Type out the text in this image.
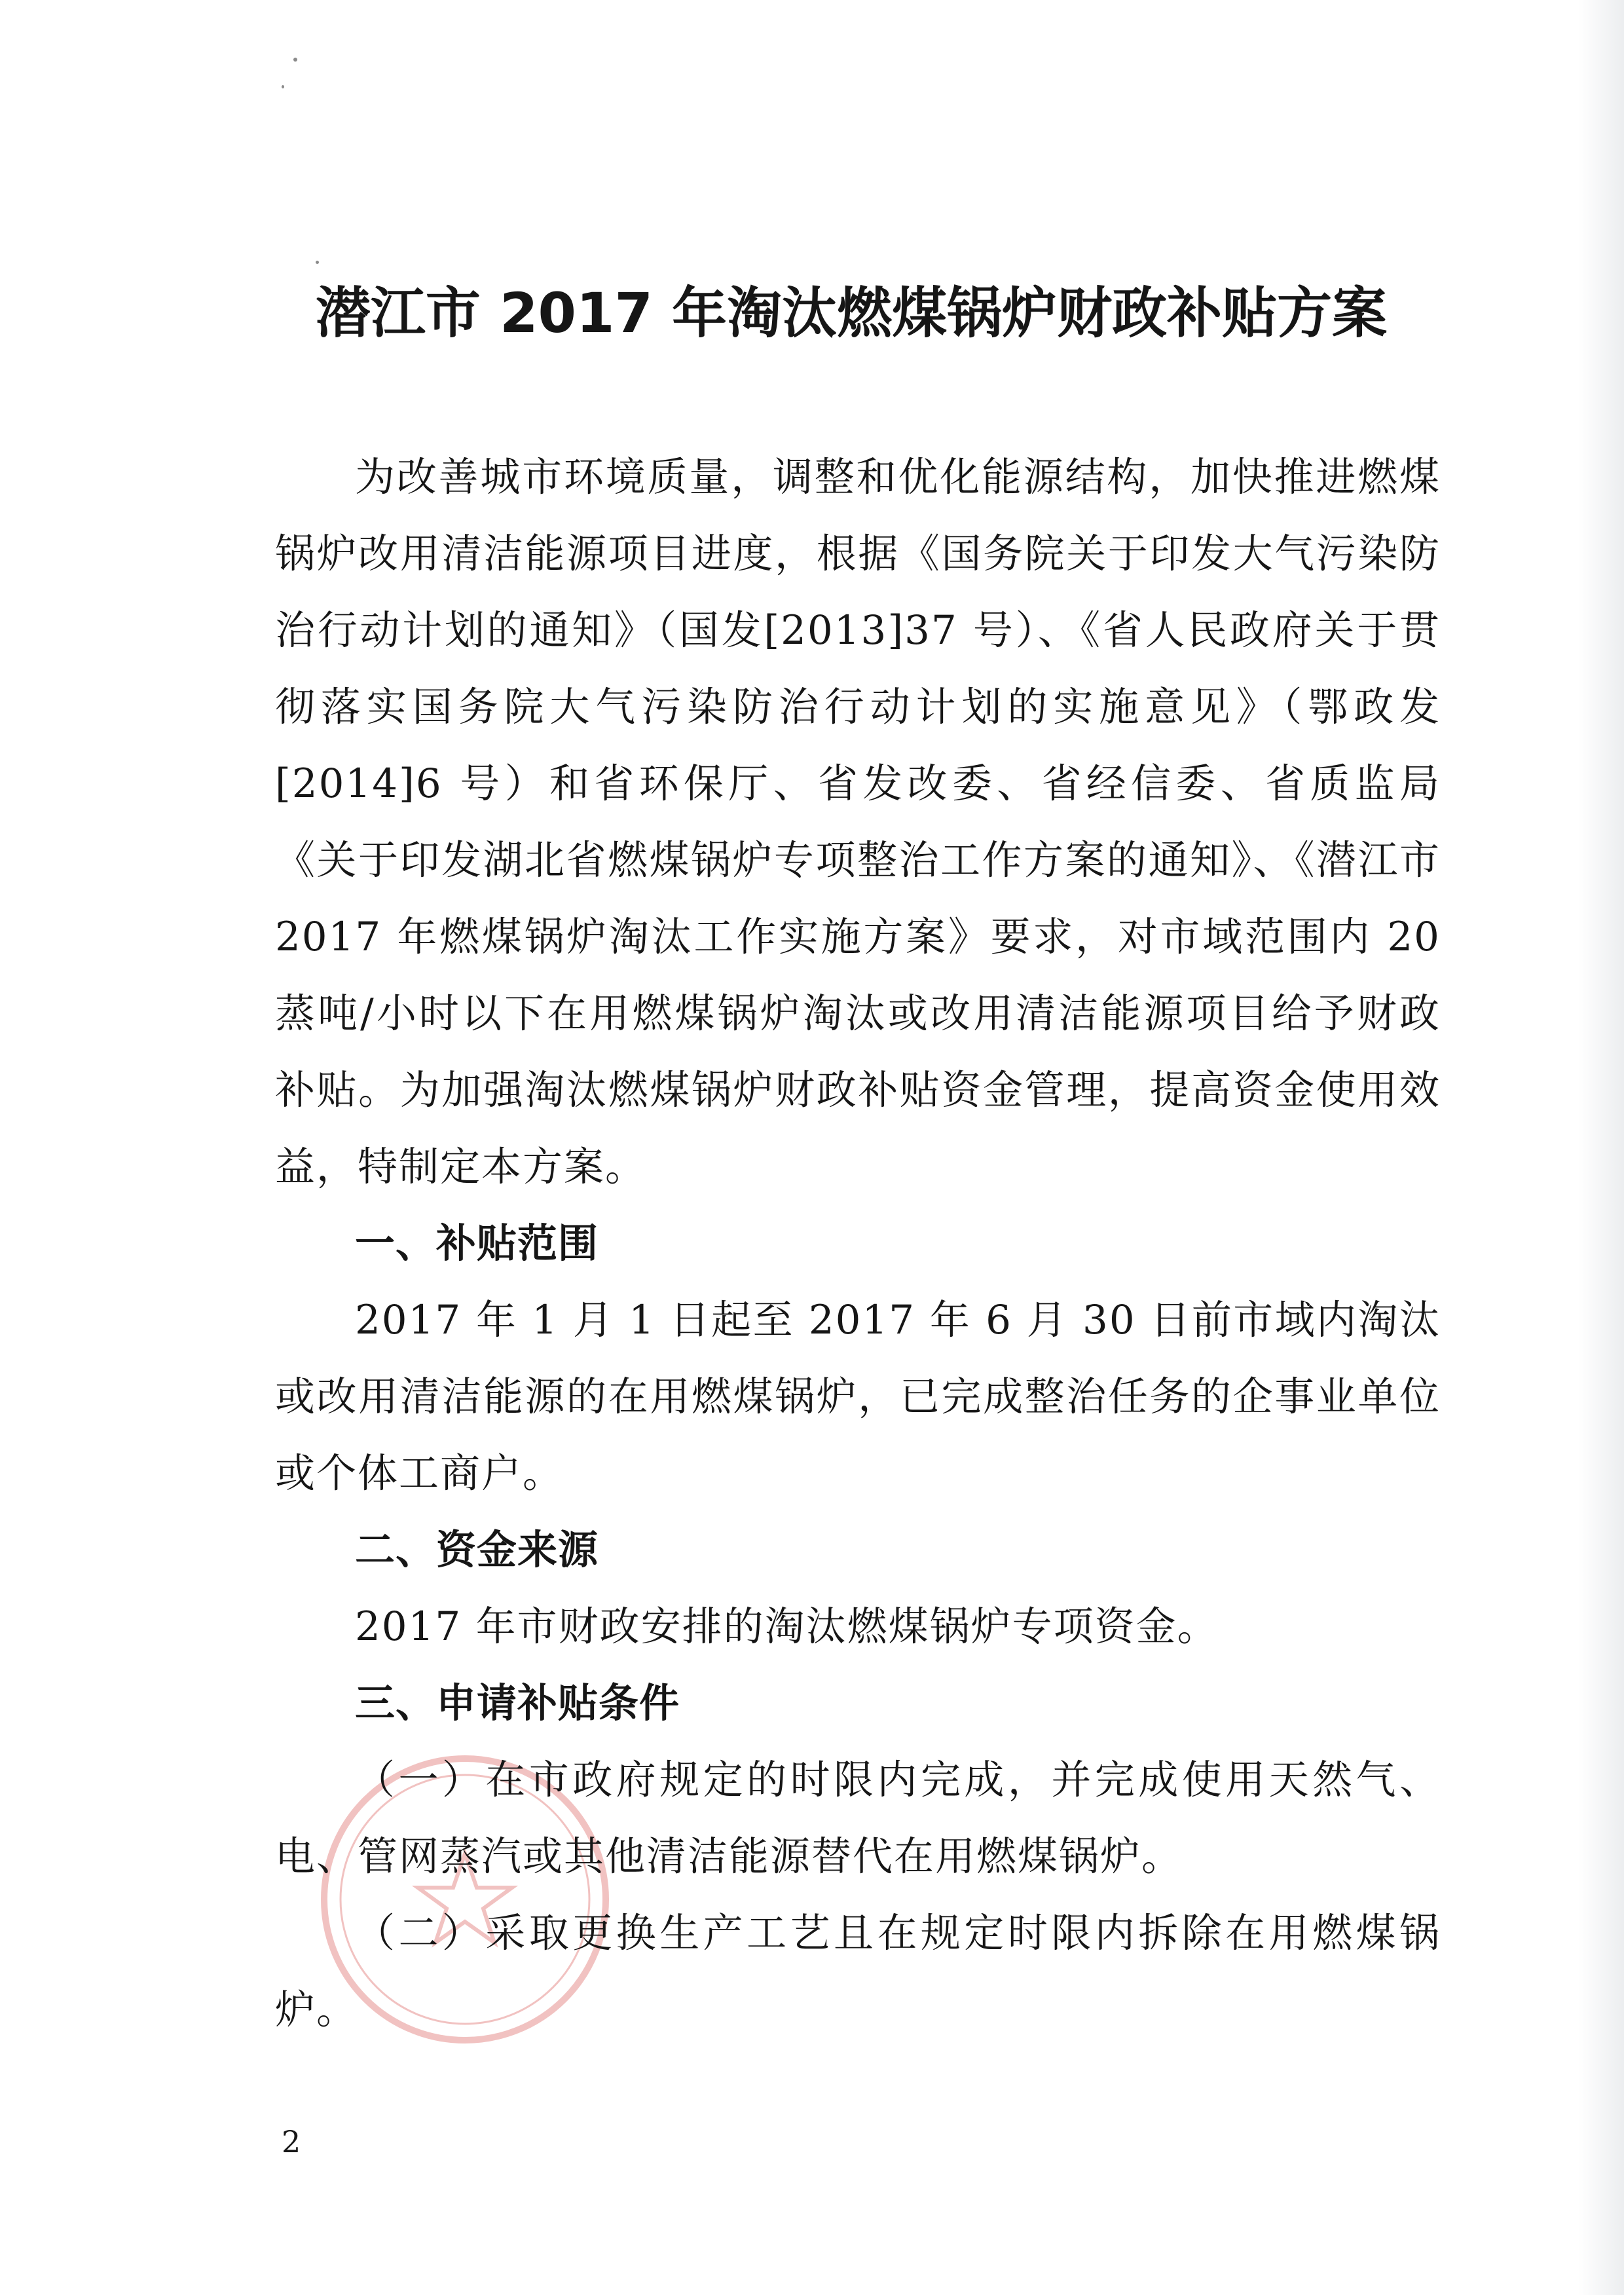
潜江市 2017 年淘汰燃煤锅炉财政补贴方案

为改善城市环境质量，调整和优化能源结构，加快推进燃煤锅炉改用清洁能源项目进度，根据《国务院关于印发大气污染防治行动计划的通知》（国发[2013]37 号）、《省人民政府关于贯彻落实国务院大气污染防治行动计划的实施意见》（鄂政发[2014]6 号）和省环保厅、省发改委、省经信委、省质监局《关于印发湖北省燃煤锅炉专项整治工作方案的通知》、《潜江市 2017 年燃煤锅炉淘汰工作实施方案》要求，对市域范围内 20 蒸吨/小时以下在用燃煤锅炉淘汰或改用清洁能源项目给予财政补贴。为加强淘汰燃煤锅炉财政补贴资金管理，提高资金使用效益，特制定本方案。

一、补贴范围

2017 年 1 月 1 日起至 2017 年 6 月 30 日前市域内淘汰或改用清洁能源的在用燃煤锅炉，已完成整治任务的企事业单位或个体工商户。

二、资金来源

2017 年市财政安排的淘汰燃煤锅炉专项资金。

三、申请补贴条件

（一）在市政府规定的时限内完成，并完成使用天然气、电、管网蒸汽或其他清洁能源替代在用燃煤锅炉。

（二）采取更换生产工艺且在规定时限内拆除在用燃煤锅炉。

2
